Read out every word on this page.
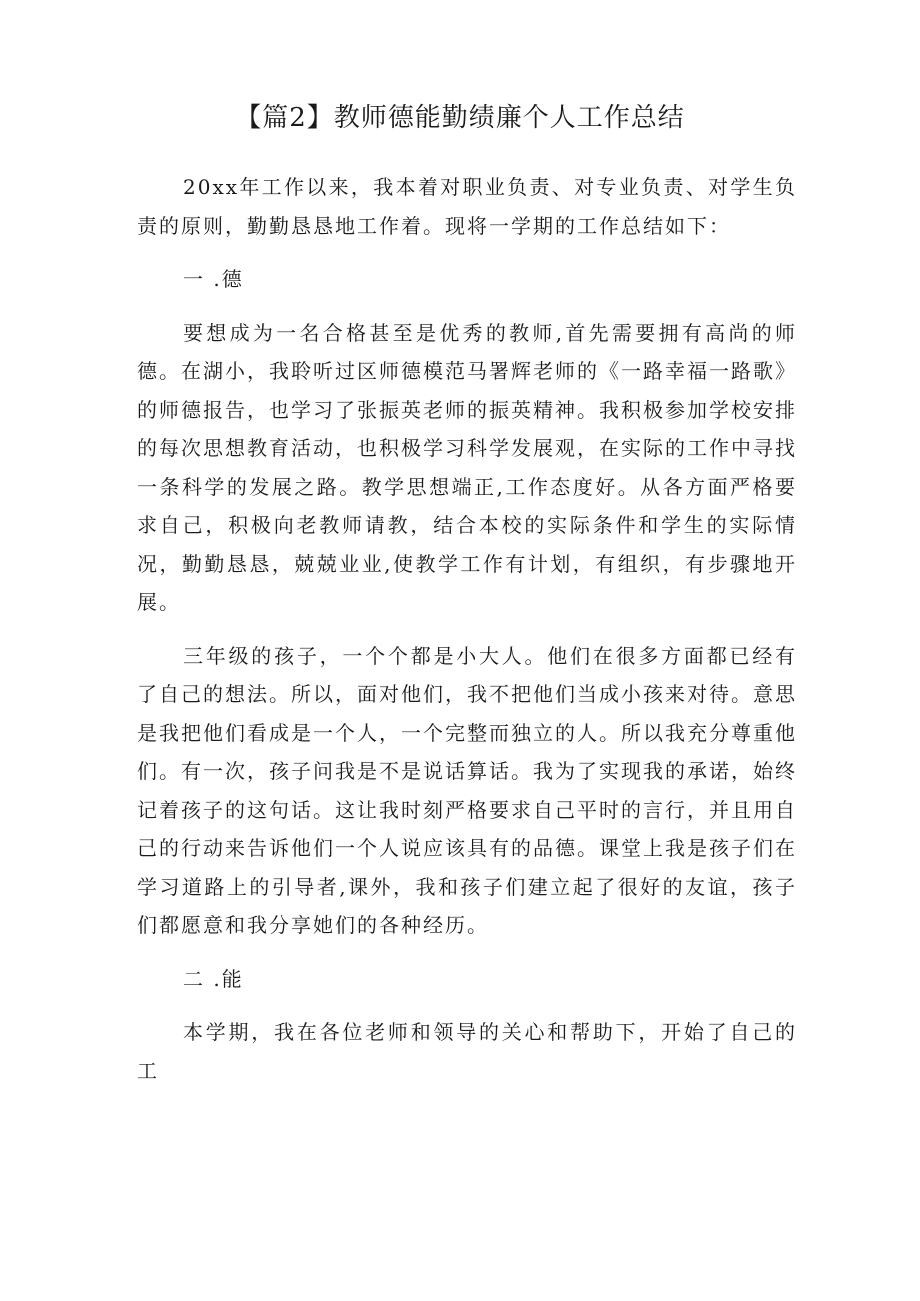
【篇2】教师德能勤绩廉个人工作总结

20xx年工作以来，我本着对职业负责、对专业负责、对学生负责的原则，勤勤恳恳地工作着。现将一学期的工作总结如下：

一 .德

要想成为一名合格甚至是优秀的教师,首先需要拥有高尚的师德。在湖小，我聆听过区师德模范马署辉老师的《一路幸福一路歌》的师德报告，也学习了张振英老师的振英精神。我积极参加学校安排的每次思想教育活动，也积极学习科学发展观，在实际的工作中寻找一条科学的发展之路。教学思想端正,工作态度好。从各方面严格要求自己，积极向老教师请教，结合本校的实际条件和学生的实际情况，勤勤恳恳，兢兢业业,使教学工作有计划，有组织，有步骤地开展。

三年级的孩子，一个个都是小大人。他们在很多方面都已经有了自己的想法。所以，面对他们，我不把他们当成小孩来对待。意思是我把他们看成是一个人，一个完整而独立的人。所以我充分尊重他们。有一次，孩子问我是不是说话算话。我为了实现我的承诺，始终记着孩子的这句话。这让我时刻严格要求自己平时的言行，并且用自己的行动来告诉他们一个人说应该具有的品德。课堂上我是孩子们在学习道路上的引导者,课外，我和孩子们建立起了很好的友谊，孩子们都愿意和我分享她们的各种经历。

二 .能

本学期，我在各位老师和领导的关心和帮助下，开始了自己的工
